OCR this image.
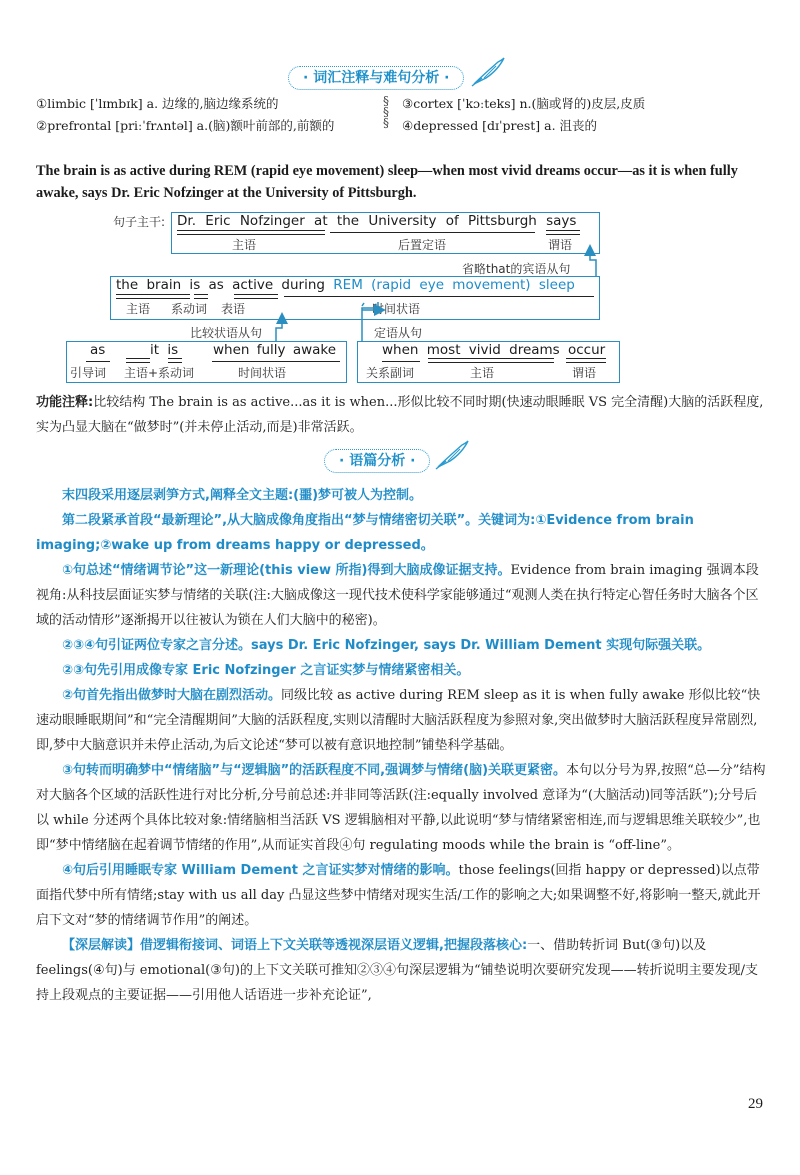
· 词汇注释与难句分析 ·
①limbic [ˈlɪmbɪk] a. 边缘的,脑边缘系统的
②prefrontal [priːˈfrʌntəl] a.(脑)额叶前部的,前额的
③cortex [ˈkɔːteks] n.(脑或肾的)皮层,皮质
④depressed [dɪˈprest] a. 沮丧的
§
§
§
The brain is as active during REM (rapid eye movement) sleep—when most vivid dreams occur—as it is when fully awake, says Dr. Eric Nofzinger at the University of Pittsburgh.
句子主干: Dr. Eric Nofzinger at the University of Pittsburgh says
主语	后置定语	谓语
省略that的宾语从句
the brain is as active during REM (rapid eye movement) sleep
主语 系动词 表语	时间状语
比较状语从句	定语从句
as	it is	when fully awake
引导词 主语+系动词	时间状语
when most vivid dreams occur
关系副词	主语	谓语
功能注释:比较结构 The brain is as active...as it is when...形似比较不同时期(快速动眼睡眠 VS 完全清醒)大脑的活跃程度,实为凸显大脑在“做梦时”(并未停止活动,而是)非常活跃。
· 语篇分析 ·
末四段采用逐层剥笋方式,阐释全文主题:(噩)梦可被人为控制。
第二段紧承首段“最新理论”,从大脑成像角度指出“梦与情绪密切关联”。关键词为:①Evidence from brain imaging;②wake up from dreams happy or depressed。
①句总述“情绪调节论”这一新理论(this view 所指)得到大脑成像证据支持。Evidence from brain imaging 强调本段视角:从科技层面证实梦与情绪的关联(注:大脑成像这一现代技术使科学家能够通过“观测人类在执行特定心智任务时大脑各个区域的活动情形”逐渐揭开以往被认为锁在人们大脑中的秘密)。
②③④句引证两位专家之言分述。says Dr. Eric Nofzinger, says Dr. William Dement 实现句际强关联。
②③句先引用成像专家 Eric Nofzinger 之言证实梦与情绪紧密相关。
②句首先指出做梦时大脑在剧烈活动。同级比较 as active during REM sleep as it is when fully awake 形似比较“快速动眼睡眠期间”和“完全清醒期间”大脑的活跃程度,实则以清醒时大脑活跃程度为参照对象,突出做梦时大脑活跃程度异常剧烈,即,梦中大脑意识并未停止活动,为后文论述“梦可以被有意识地控制”铺垫科学基础。
③句转而明确梦中“情绪脑”与“逻辑脑”的活跃程度不同,强调梦与情绪(脑)关联更紧密。本句以分号为界,按照“总—分”结构对大脑各个区域的活跃性进行对比分析,分号前总述:并非同等活跃(注:equally involved 意译为“(大脑活动)同等活跃”);分号后以 while 分述两个具体比较对象:情绪脑相当活跃 VS 逻辑脑相对平静,以此说明“梦与情绪紧密相连,而与逻辑思维关联较少”,也即“梦中情绪脑在起着调节情绪的作用”,从而证实首段④句 regulating moods while the brain is “off-line”。
④句后引用睡眠专家 William Dement 之言证实梦对情绪的影响。those feelings(回指 happy or depressed)以点带面指代梦中所有情绪;stay with us all day 凸显这些梦中情绪对现实生活/工作的影响之大;如果调整不好,将影响一整天,就此开启下文对“梦的情绪调节作用”的阐述。
【深层解读】借逻辑衔接词、词语上下文关联等透视深层语义逻辑,把握段落核心:一、借助转折词 But(③句)以及 feelings(④句)与 emotional(③句)的上下文关联可推知②③④句深层逻辑为“铺垫说明次要研究发现——转折说明主要发现/支持上段观点的主要证据——引用他人话语进一步补充论证”,
29
